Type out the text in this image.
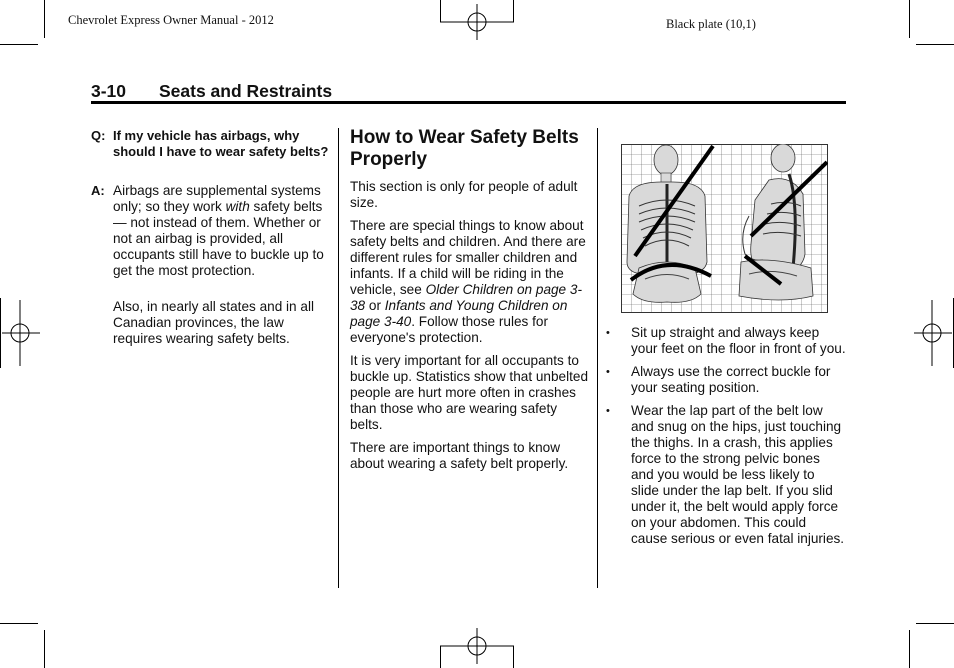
Chevrolet Express Owner Manual - 2012	Black plate (10,1)
3-10 Seats and Restraints
Q: If my vehicle has airbags, why should I have to wear safety belts?
A: Airbags are supplemental systems only; so they work with safety belts — not instead of them. Whether or not an airbag is provided, all occupants still have to buckle up to get the most protection.
Also, in nearly all states and in all Canadian provinces, the law requires wearing safety belts.
How to Wear Safety Belts Properly

This section is only for people of adult size.

There are special things to know about safety belts and children. And there are different rules for smaller children and infants. If a child will be riding in the vehicle, see Older Children on page 3-38 or Infants and Young Children on page 3-40. Follow those rules for everyone's protection.

It is very important for all occupants to buckle up. Statistics show that unbelted people are hurt more often in crashes than those who are wearing safety belts.

There are important things to know about wearing a safety belt properly.

• Sit up straight and always keep your feet on the floor in front of you.
• Always use the correct buckle for your seating position.
• Wear the lap part of the belt low and snug on the hips, just touching the thighs. In a crash, this applies force to the strong pelvic bones and you would be less likely to slide under the lap belt. If you slid under it, the belt would apply force on your abdomen. This could cause serious or even fatal injuries.
